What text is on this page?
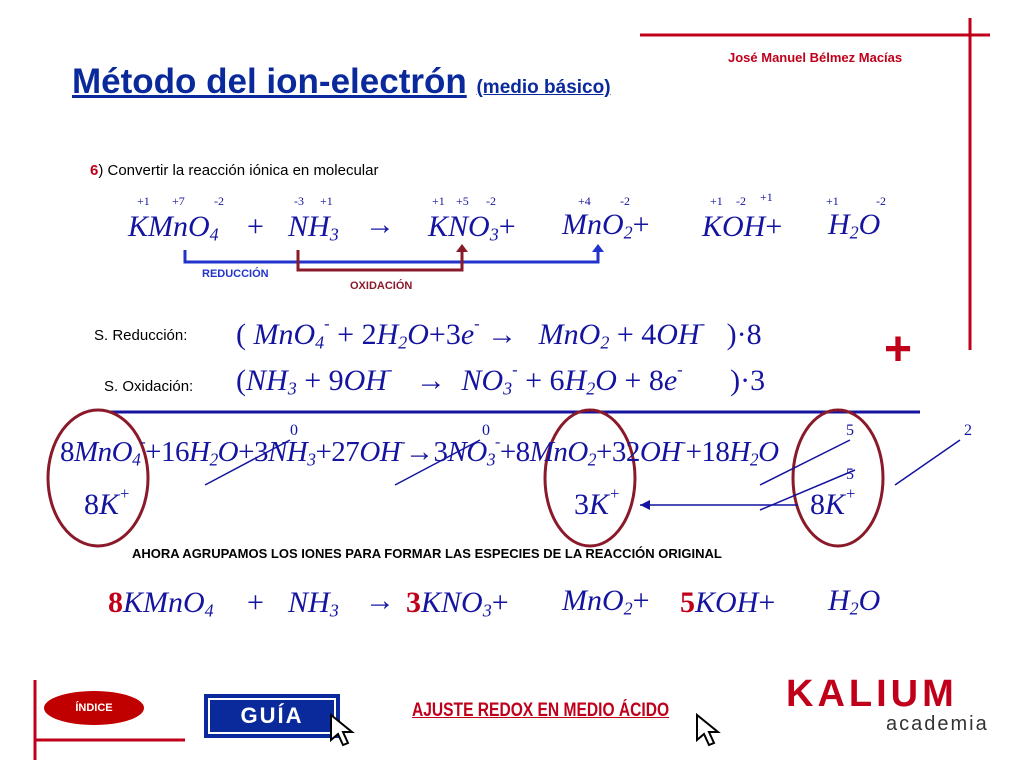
José Manuel Bélmez Macías
Método del ion-electrón (medio básico)
6) Convertir la reacción iónica en molecular
+1 +7 -2	-3 +1	+1 +5 -2	+4 -2	+1 -2 +1	+1	-2
KMnO$_4$ + $NH_3 \to KNO_3+ MnO_2+ KOH+ H_2O$
REDUCCIÓN
OXIDACIÓN
S. Reducción: ( $MnO_4^- + 2H_2O+3e^- \to MnO_2 + 4OH^-$ )·8
S. Oxidación: ($NH_3 + 9OH^- \to NO_3^- + 6H_2O + 8e^-$ )·3
+
0	0	5	2
5
$8MnO_4^-+16H_2O+3NH_3+27OH^-\to 3NO_3^-+8MnO_2+32OH^-+18H_2O$
8K+	3K+	8K+
AHORA AGRUPAMOS LOS IONES PARA FORMAR LAS ESPECIES DE LA REACCIÓN ORIGINAL
8KMnO$_4$ + $NH_3 \to 3KNO_3+ MnO_2+ 5KOH+ H_2O$
ÍNDICE	GUÍA	AJUSTE REDOX EN MEDIO ÁCIDO	KALIUM
academia
